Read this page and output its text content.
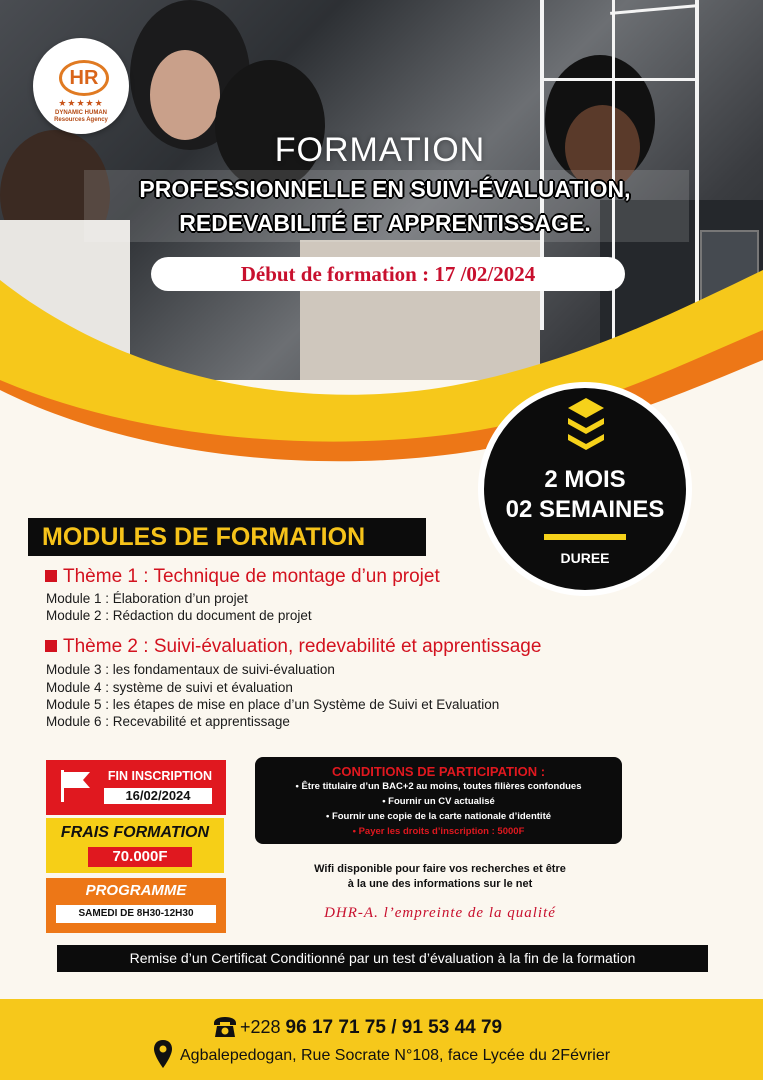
HR
★★★★★
DYNAMIC HUMAN Resources Agency
FORMATION
PROFESSIONNELLE EN SUIVI-ÉVALUATION,
REDEVABILITÉ ET APPRENTISSAGE.
Début de formation : 17 /02/2024
2 MOIS
02 SEMAINES
DUREE
MODULES DE FORMATION
Thème 1 : Technique de montage d’un projet
Module 1 : Élaboration d’un projet
Module 2 : Rédaction du document de projet
Thème 2 : Suivi-évaluation, redevabilité et apprentissage
Module 3 : les fondamentaux de suivi-évaluation
Module 4 : système de suivi et évaluation
Module 5 : les étapes de mise en place d’un Système de Suivi et Evaluation
Module 6 : Recevabilité et apprentissage
FIN INSCRIPTION
16/02/2024
FRAIS FORMATION
70.000F
PROGRAMME
SAMEDI DE 8H30-12H30
CONDITIONS DE PARTICIPATION :
• Être titulaire d’un BAC+2 au moins, toutes filières confondues
• Fournir un CV actualisé
• Fournir une copie de la carte nationale d’identité
• Payer les droits d’inscription : 5000F
Wifi disponible pour faire vos recherches et être
à la une des informations sur le net
DHR-A. l’empreinte de la qualité
Remise d’un Certificat Conditionné par un test d’évaluation à la fin de la formation
+228 96 17 71 75 / 91 53 44 79
Agbalepedogan, Rue Socrate N°108, face Lycée du 2Février
